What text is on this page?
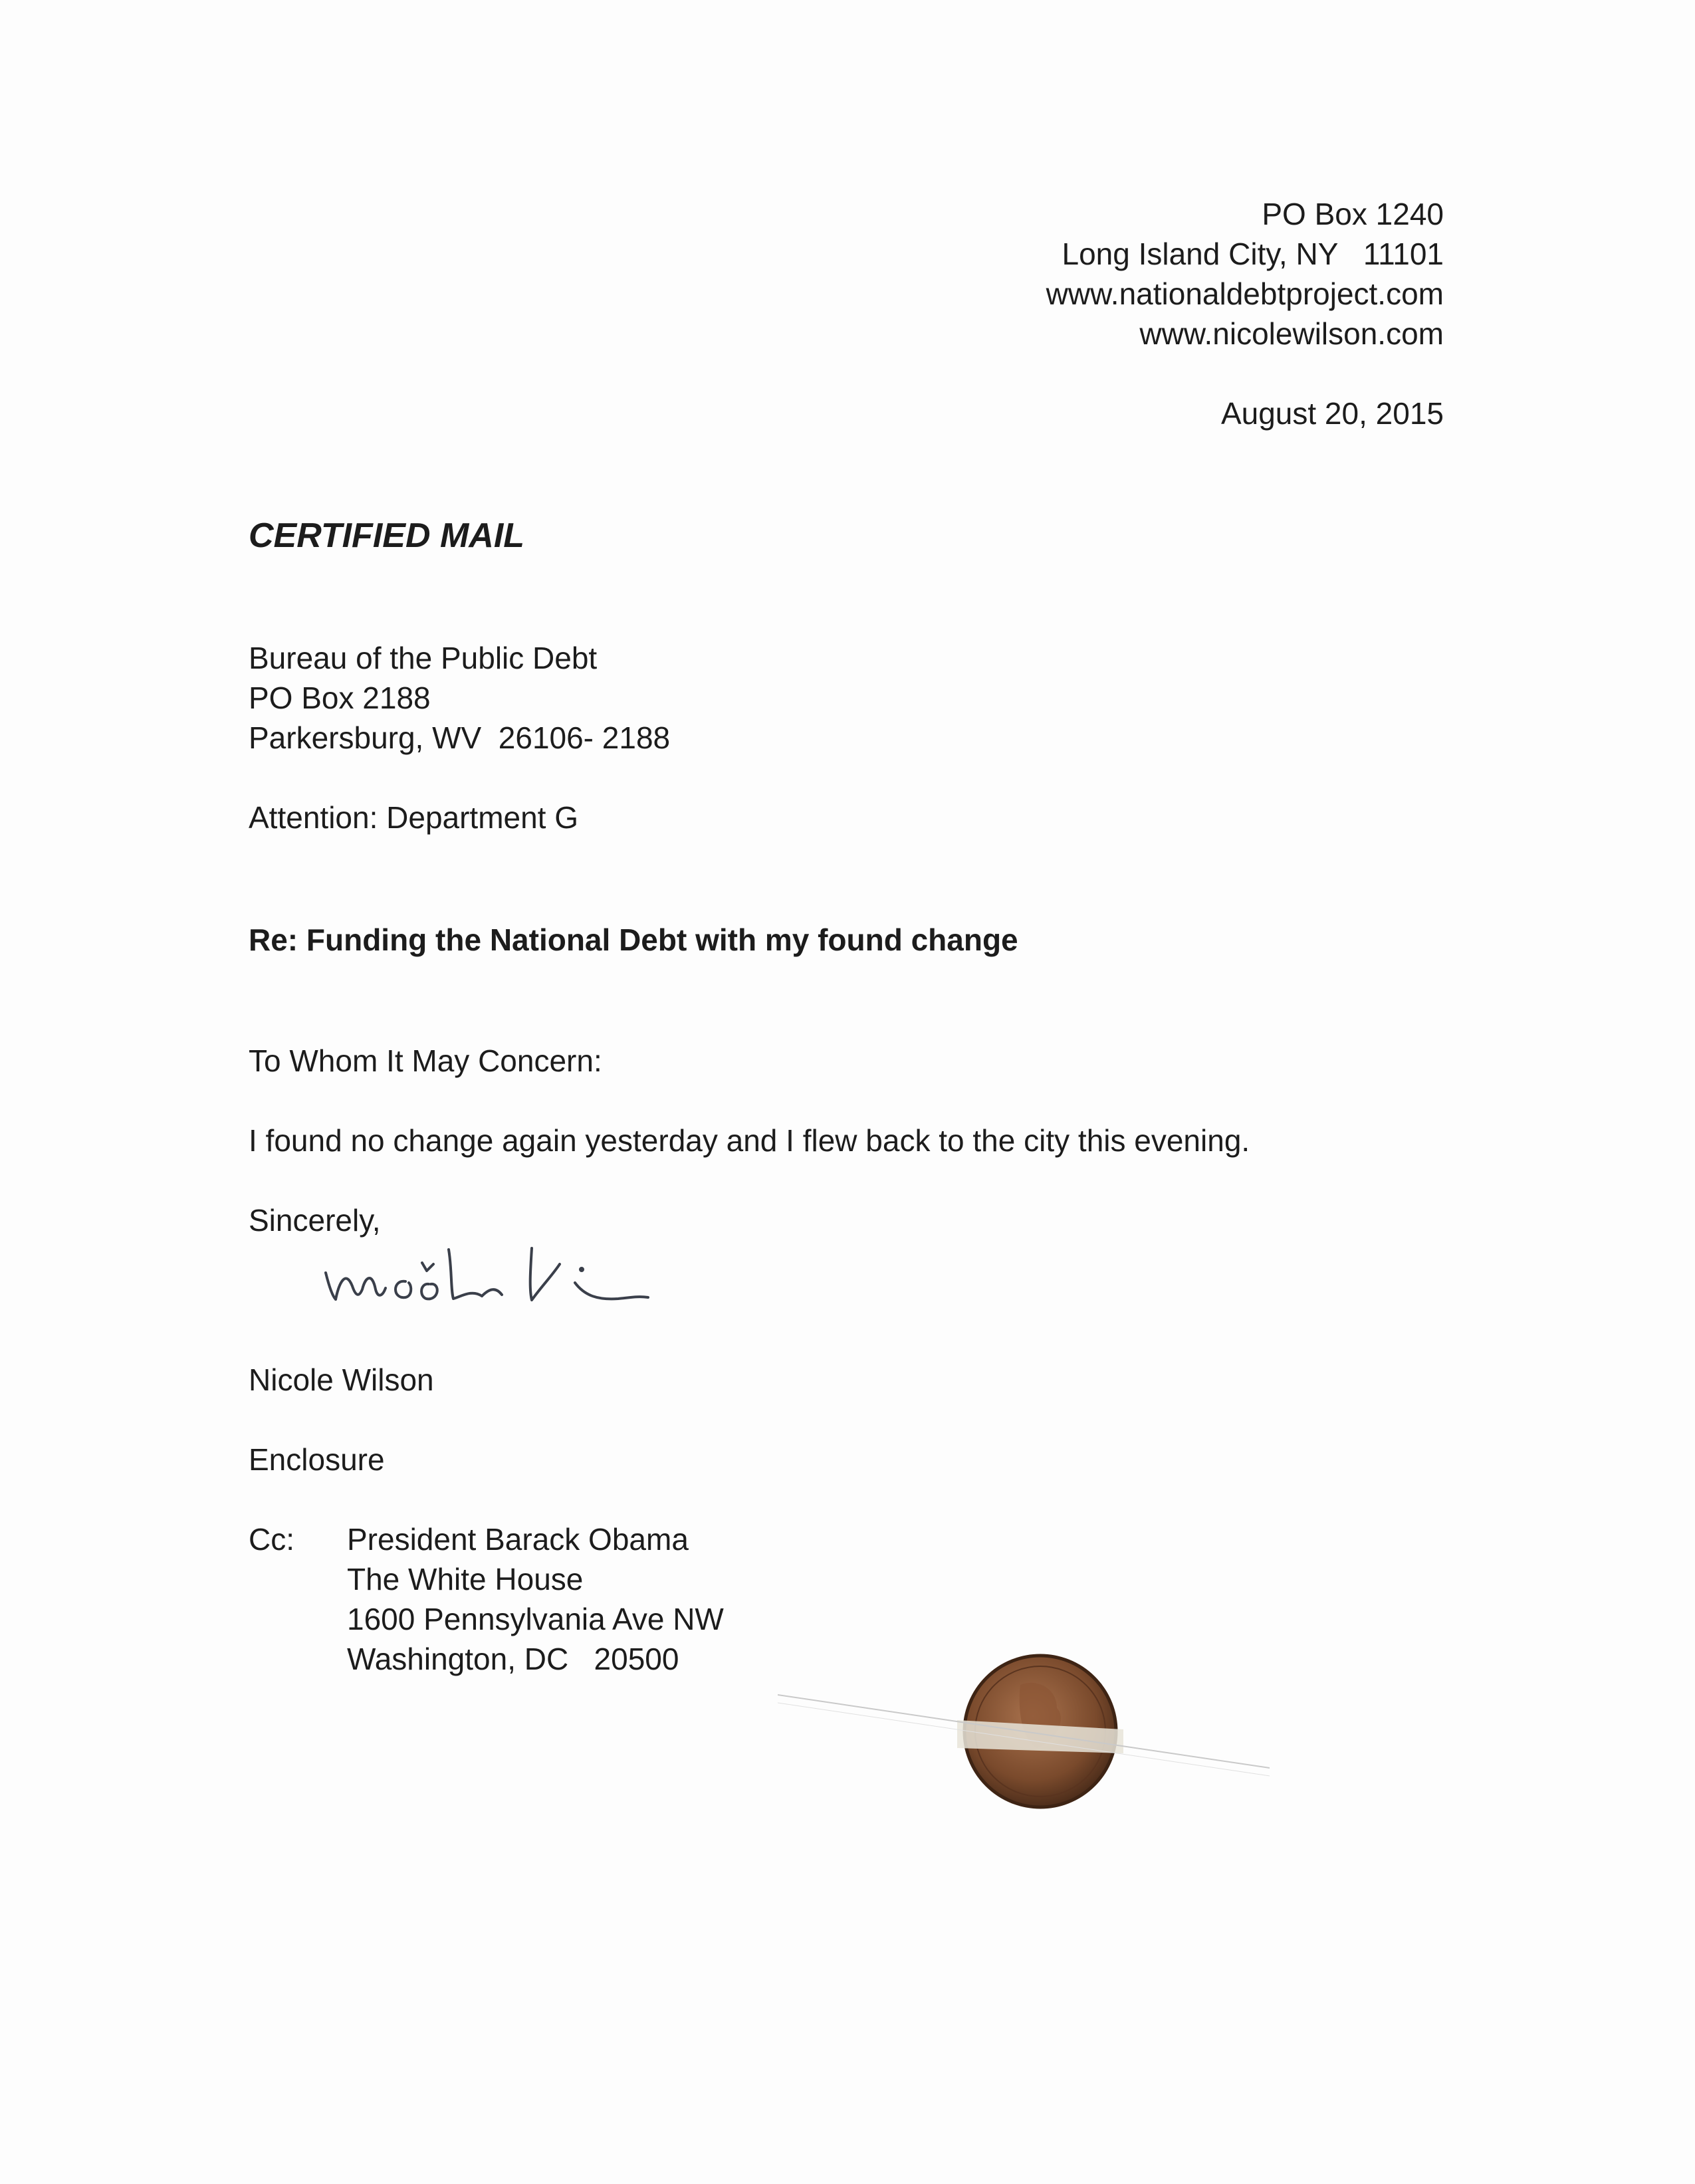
PO Box 1240
Long Island City, NY   11101
www.nationaldebtproject.com
www.nicolewilson.com
August 20, 2015
CERTIFIED MAIL
Bureau of the Public Debt
PO Box 2188
Parkersburg, WV  26106- 2188
Attention: Department G
Re: Funding the National Debt with my found change
To Whom It May Concern:
I found no change again yesterday and I flew back to the city this evening.
Sincerely,
Nicole Wilson
Enclosure
Cc: President Barack Obama
The White House
1600 Pennsylvania Ave NW
Washington, DC   20500
